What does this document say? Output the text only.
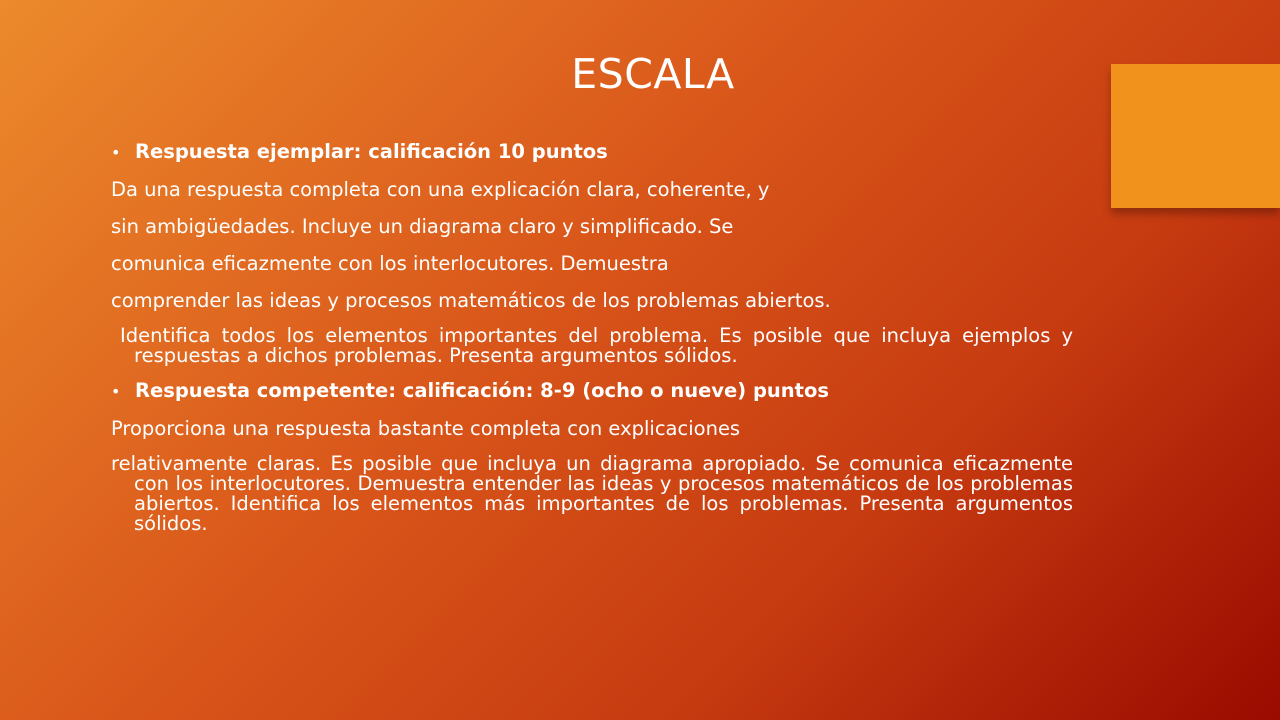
ESCALA
• Respuesta ejemplar: calificación 10 puntos
Da una respuesta completa con una explicación clara, coherente, y
sin ambigüedades. Incluye un diagrama claro y simplificado. Se
comunica eficazmente con los interlocutores. Demuestra
comprender las ideas y procesos matemáticos de los problemas abiertos.
Identifica todos los elementos importantes del problema. Es posible que incluya ejemplos y respuestas a dichos problemas. Presenta argumentos sólidos.
• Respuesta competente: calificación: 8-9 (ocho o nueve) puntos
Proporciona una respuesta bastante completa con explicaciones
relativamente claras. Es posible que incluya un diagrama apropiado. Se comunica eficazmente con los interlocutores. Demuestra entender las ideas y procesos matemáticos de los problemas abiertos. Identifica los elementos más importantes de los problemas. Presenta argumentos sólidos.
